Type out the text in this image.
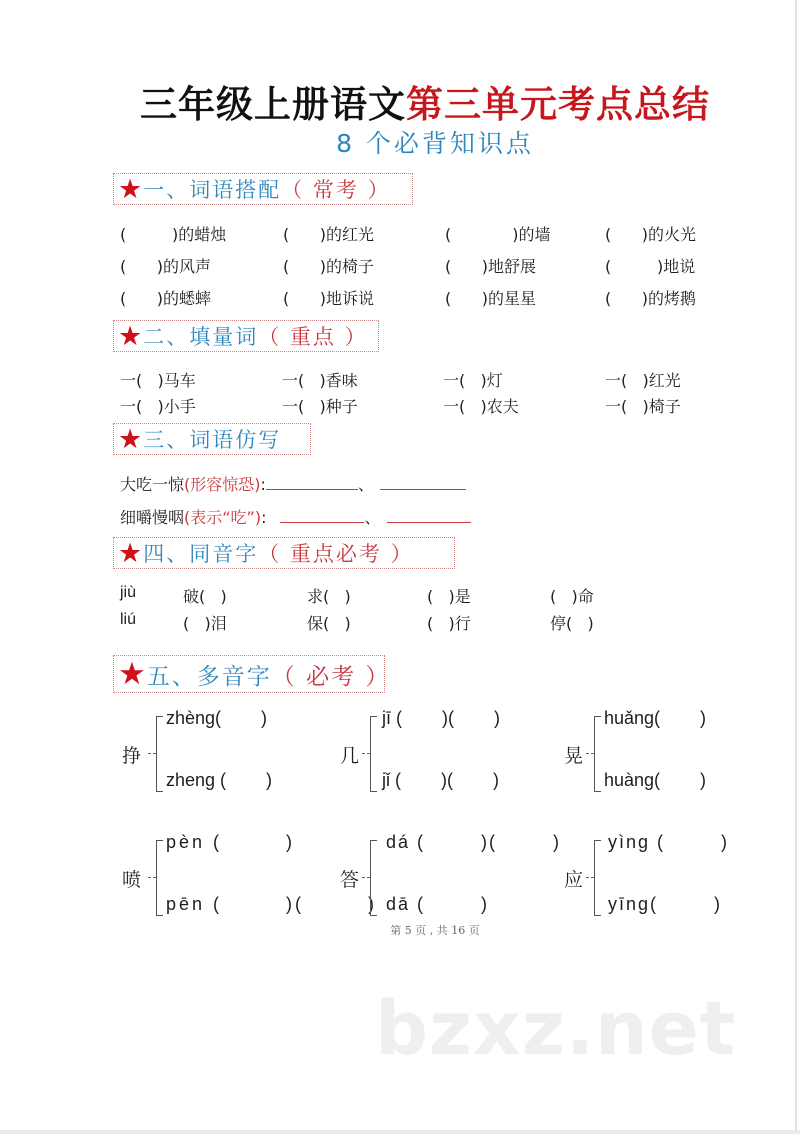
三年级上册语文第三单元考点总结
8 个必背知识点
★ 一、词语搭配 （ 常考 ）
(         )的蜡烛	(      )的红光	(            )的墙	(      )的火光
(      )的风声	(      )的椅子	(      )地舒展	(         )地说
(      )的蟋蟀	(      )地诉说	(      )的星星	(      )的烤鹅
★ 二、填量词 （ 重点 ）
一(   )马车	一(   )香味	一(   )灯	一(   )红光
一(   )小手	一(   )种子	一(   )农夫	一(   )椅子
★ 三、词语仿写
大吃一惊(形容惊恐):	、
细嚼慢咽(表示“吃”):	、
★ 四、同音字 （ 重点必考 ）
jiù	破(   )	求(   )	(   )是	(   )命
liú	(   )泪	保(   )	(   )行	停(   )
★ 五、多音字 （ 必考 ）
挣
zhèng(        )
zheng (        )
几
jī (        )(        )
jǐ (        )(        )
晃
huǎng(        )
huàng(        )
喷
pèn (        )
pēn (        )(        )
答
dá (        )(        )
dā (        )
应
yìng (        )
yīng(        )
第 5 页 , 共 16 页
bzxz.net
